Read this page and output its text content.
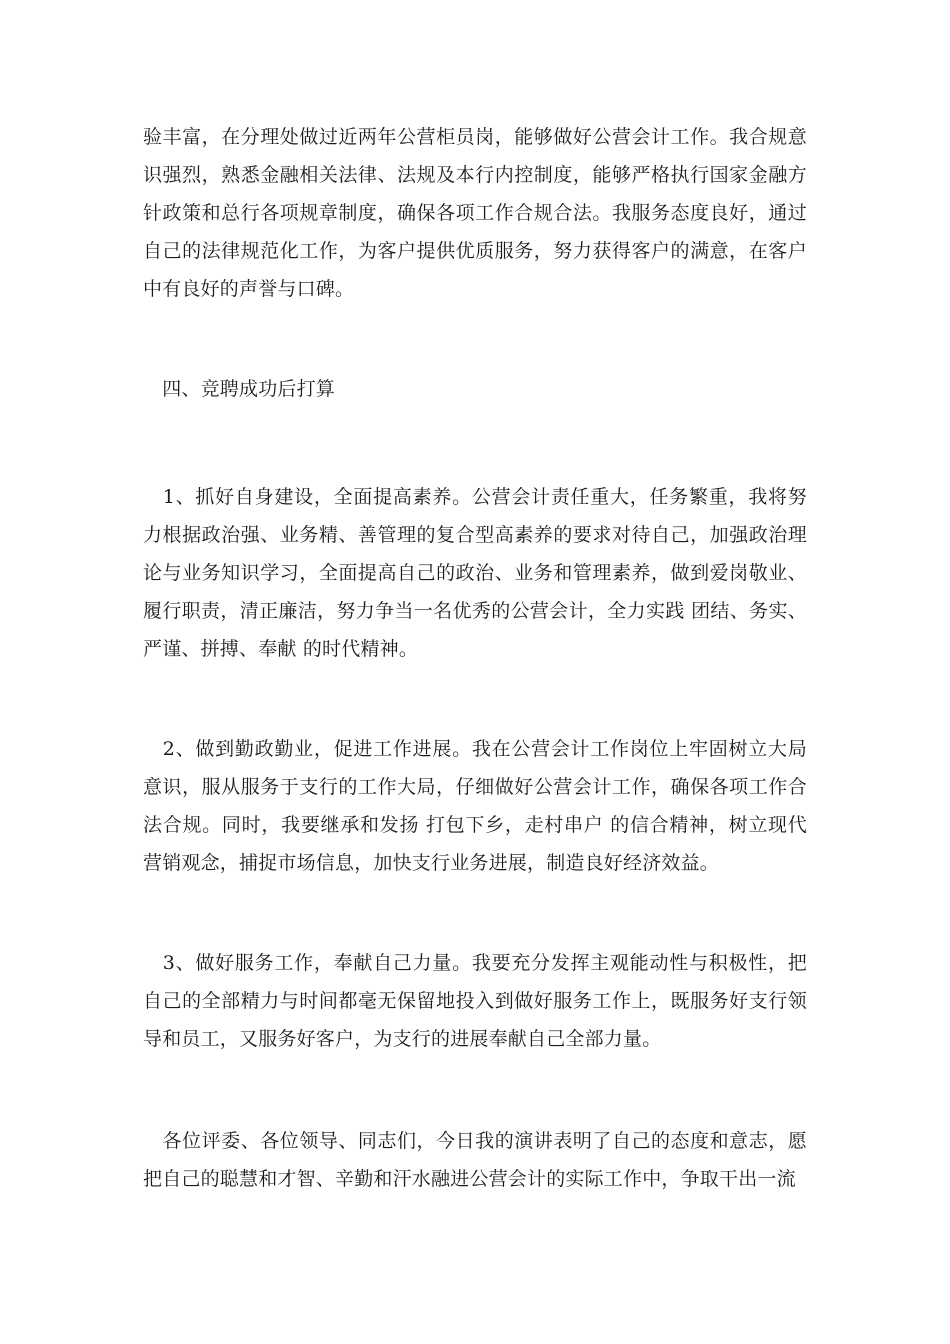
验丰富，在分理处做过近两年公营柜员岗，能够做好公营会计工作。我合规意识强烈，熟悉金融相关法律、法规及本行内控制度，能够严格执行国家金融方针政策和总行各项规章制度，确保各项工作合规合法。我服务态度良好，通过自己的法律规范化工作，为客户提供优质服务，努力获得客户的满意，在客户中有良好的声誉与口碑。

　四、竞聘成功后打算

　1、抓好自身建设，全面提高素养。公营会计责任重大，任务繁重，我将努力根据政治强、业务精、善管理的复合型高素养的要求对待自己，加强政治理论与业务知识学习，全面提高自己的政治、业务和管理素养，做到爱岗敬业、履行职责，清正廉洁，努力争当一名优秀的公营会计，全力实践 团结、务实、严谨、拼搏、奉献 的时代精神。

　2、做到勤政勤业，促进工作进展。我在公营会计工作岗位上牢固树立大局意识，服从服务于支行的工作大局，仔细做好公营会计工作，确保各项工作合法合规。同时，我要继承和发扬 打包下乡，走村串户 的信合精神，树立现代营销观念，捕捉市场信息，加快支行业务进展，制造良好经济效益。

　3、做好服务工作，奉献自己力量。我要充分发挥主观能动性与积极性，把自己的全部精力与时间都毫无保留地投入到做好服务工作上，既服务好支行领导和员工，又服务好客户，为支行的进展奉献自己全部力量。

　各位评委、各位领导、同志们，今日我的演讲表明了自己的态度和意志，愿把自己的聪慧和才智、辛勤和汗水融进公营会计的实际工作中，争取干出一流
